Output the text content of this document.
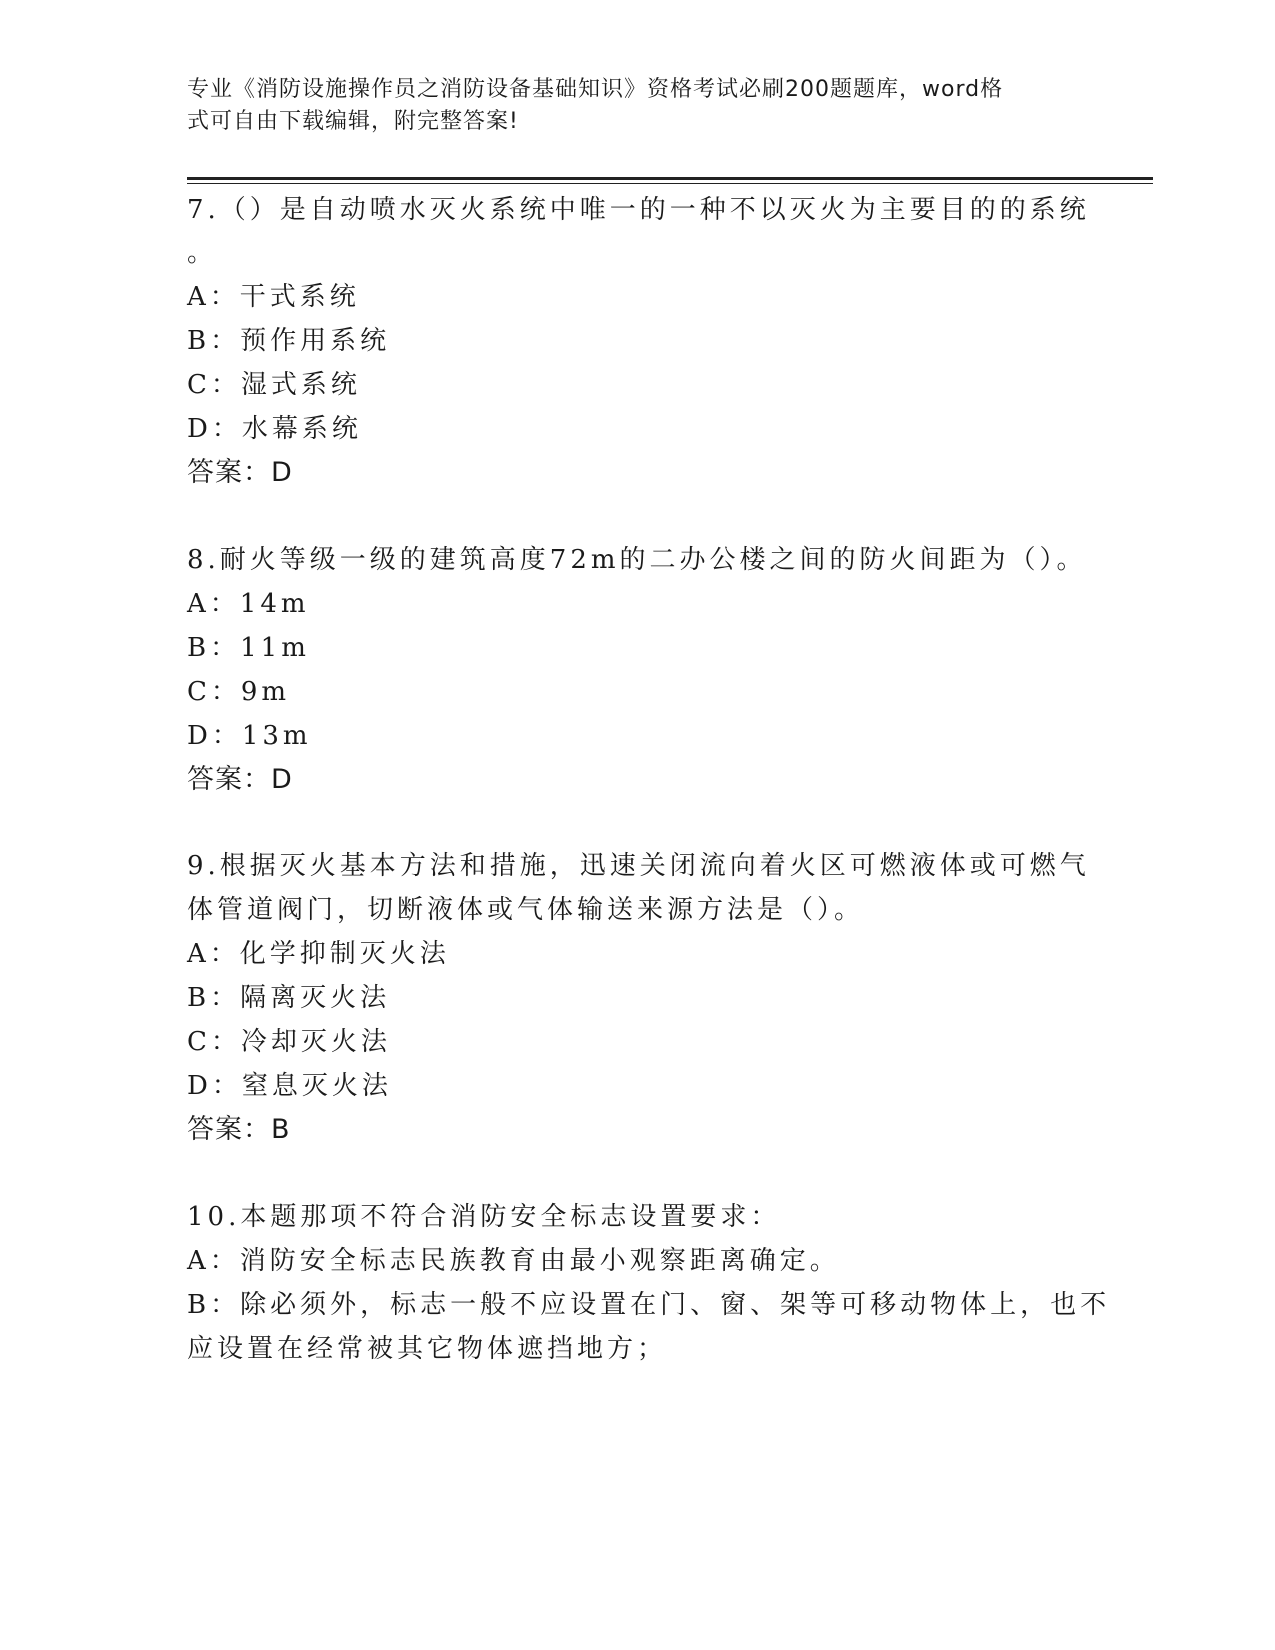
专业《消防设施操作员之消防设备基础知识》资格考试必刷200题题库，word格
式可自由下载编辑，附完整答案!
7.（）是自动喷水灭火系统中唯一的一种不以灭火为主要目的的系统
。
A：干式系统
B：预作用系统
C：湿式系统
D：水幕系统
答案：D
8.耐火等级一级的建筑高度72m的二办公楼之间的防火间距为（）。
A：14m
B：11m
C：9m
D：13m
答案：D
9.根据灭火基本方法和措施，迅速关闭流向着火区可燃液体或可燃气
体管道阀门，切断液体或气体输送来源方法是（）。
A：化学抑制灭火法
B：隔离灭火法
C：冷却灭火法
D：窒息灭火法
答案：B
10.本题那项不符合消防安全标志设置要求：
A：消防安全标志民族教育由最小观察距离确定。
B：除必须外，标志一般不应设置在门、窗、架等可移动物体上，也不
应设置在经常被其它物体遮挡地方；
